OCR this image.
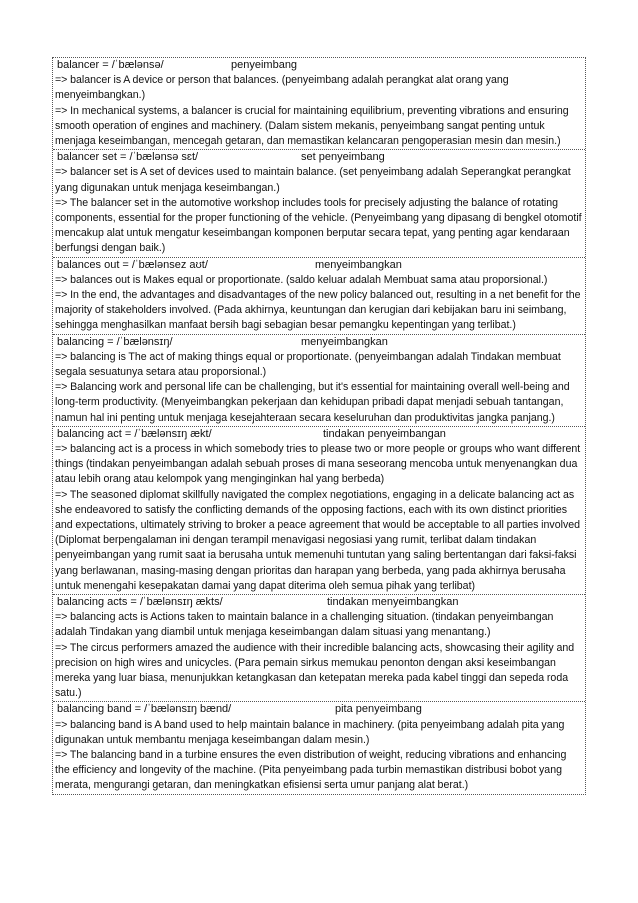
balancer = /ˈbælənsə/	penyeimbang
=> balancer is A device or person that balances. (penyeimbang adalah perangkat alat orang yang menyeimbangkan.)
=> In mechanical systems, a balancer is crucial for maintaining equilibrium, preventing vibrations and ensuring smooth operation of engines and machinery. (Dalam sistem mekanis, penyeimbang sangat penting untuk menjaga keseimbangan, mencegah getaran, dan memastikan kelancaran pengoperasian mesin dan mesin.)
balancer set = /ˈbælənsə sɛt/	set penyeimbang
=> balancer set is A set of devices used to maintain balance. (set penyeimbang adalah Seperangkat perangkat yang digunakan untuk menjaga keseimbangan.)
=> The balancer set in the automotive workshop includes tools for precisely adjusting the balance of rotating components, essential for the proper functioning of the vehicle. (Penyeimbang yang dipasang di bengkel otomotif mencakup alat untuk mengatur keseimbangan komponen berputar secara tepat, yang penting agar kendaraan berfungsi dengan baik.)
balances out = /ˈbælənsez aʊt/	menyeimbangkan
=> balances out is Makes equal or proportionate. (saldo keluar adalah Membuat sama atau proporsional.)
=> In the end, the advantages and disadvantages of the new policy balanced out, resulting in a net benefit for the majority of stakeholders involved. (Pada akhirnya, keuntungan dan kerugian dari kebijakan baru ini seimbang, sehingga menghasilkan manfaat bersih bagi sebagian besar pemangku kepentingan yang terlibat.)
balancing = /ˈbælənsɪŋ/	menyeimbangkan
=> balancing is The act of making things equal or proportionate. (penyeimbangan adalah Tindakan membuat segala sesuatunya setara atau proporsional.)
=> Balancing work and personal life can be challenging, but it's essential for maintaining overall well-being and long-term productivity. (Menyeimbangkan pekerjaan dan kehidupan pribadi dapat menjadi sebuah tantangan, namun hal ini penting untuk menjaga kesejahteraan secara keseluruhan dan produktivitas jangka panjang.)
balancing act = /ˈbælənsɪŋ ækt/	tindakan penyeimbangan
=> balancing act is a process in which somebody tries to please two or more people or groups who want different things (tindakan penyeimbangan adalah sebuah proses di mana seseorang mencoba untuk menyenangkan dua atau lebih orang atau kelompok yang menginginkan hal yang berbeda)
=> The seasoned diplomat skillfully navigated the complex negotiations, engaging in a delicate balancing act as she endeavored to satisfy the conflicting demands of the opposing factions, each with its own distinct priorities and expectations, ultimately striving to broker a peace agreement that would be acceptable to all parties involved (Diplomat berpengalaman ini dengan terampil menavigasi negosiasi yang rumit, terlibat dalam tindakan penyeimbangan yang rumit saat ia berusaha untuk memenuhi tuntutan yang saling bertentangan dari faksi-faksi yang berlawanan, masing-masing dengan prioritas dan harapan yang berbeda, yang pada akhirnya berusaha untuk menengahi kesepakatan damai yang dapat diterima oleh semua pihak yang terlibat)
balancing acts = /ˈbælənsɪŋ ækts/	tindakan menyeimbangkan
=> balancing acts is Actions taken to maintain balance in a challenging situation. (tindakan penyeimbangan adalah Tindakan yang diambil untuk menjaga keseimbangan dalam situasi yang menantang.)
=> The circus performers amazed the audience with their incredible balancing acts, showcasing their agility and precision on high wires and unicycles. (Para pemain sirkus memukau penonton dengan aksi keseimbangan mereka yang luar biasa, menunjukkan ketangkasan dan ketepatan mereka pada kabel tinggi dan sepeda roda satu.)
balancing band = /ˈbælənsɪŋ bænd/	pita penyeimbang
=> balancing band is A band used to help maintain balance in machinery. (pita penyeimbang adalah pita yang digunakan untuk membantu menjaga keseimbangan dalam mesin.)
=> The balancing band in a turbine ensures the even distribution of weight, reducing vibrations and enhancing the efficiency and longevity of the machine. (Pita penyeimbang pada turbin memastikan distribusi bobot yang merata, mengurangi getaran, dan meningkatkan efisiensi serta umur panjang alat berat.)
